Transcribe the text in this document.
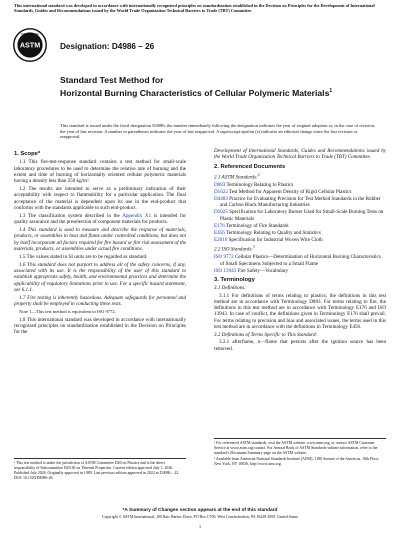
This international standard was developed in accordance with internationally recognized principles on standardization established in the Decision on Principles for the Development of International Standards, Guides and Recommendations issued by the World Trade Organization Technical Barriers to Trade (TBT) Committee.
ASTM
INTERNATIONAL
Designation: D4986 – 26
Standard Test Method for
Horizontal Burning Characteristics of Cellular Polymeric Materials$^1$
This standard is issued under the fixed designation D4986; the number immediately following the designation indicates the year of original adoption or, in the case of revision, the year of last revision. A number in parentheses indicates the year of last reapproval. A superscript epsilon (ε) indicates an editorial change since the last revision or reapproval.
1. Scope*

1.1 This fire-test-response standard contains a test method for small-scale laboratory procedures to be used to determine the relative rate of burning and the extent and time of burning of horizontally oriented cellular polymeric materials having a density less than 250 kg/m³.

1.2 The results are intended to serve as a preliminary indication of their acceptability with respect to flammability for a particular application. The final acceptance of the material is dependent upon its use in the end-product that conforms with the standards applicable to such end-product.

1.3 The classification system described in the Appendix X1 is intended for quality assurance and the preselection of component materials for products.

1.4 This standard is used to measure and describe the response of materials, products, or assemblies to heat and flame under controlled conditions, but does not by itself incorporate all factors required for fire hazard or fire risk assessment of the materials, products, or assemblies under actual fire conditions.

1.5 The values stated in SI units are to be regarded as standard.

1.6 This standard does not purport to address all of the safety concerns, if any, associated with its use. It is the responsibility of the user of this standard to establish appropriate safety, health, and environmental practices and determine the applicability of regulatory limitations prior to use. For a specific hazard statement, see 6.1.1.

1.7 Fire testing is inherently hazardous. Adequate safeguards for personnel and property shall be employed in conducting these tests.

Note 1—This test method is equivalent to ISO 9772.

1.8 This international standard was developed in accordance with internationally recognized principles on standardization established in the Decision on Principles for the

Development of International Standards, Guides and Recommendations issued by the World Trade Organization Technical Barriers to Trade (TBT) Committee.

2. Referenced Documents
2.1 ASTM Standards:$^2$
D883 Terminology Relating to Plastics
D1622 Test Method for Apparent Density of Rigid Cellular Plastics
D4483 Practice for Evaluating Precision for Test Method Standards in the Rubber and Carbon Black Manufacturing Industries
D5025 Specification for Laboratory Burner Used for Small-Scale Burning Tests on Plastic Materials
E176 Terminology of Fire Standards
E456 Terminology Relating to Quality and Statistics
E2016 Specification for Industrial Woven Wire Cloth
2.2 ISO Standards:$^3$
ISO 9772 Cellular Plastics—Determination of Horizontal Burning Characteristics of Small Specimens Subjected to a Small Flame
ISO 13943 Fire Safety—Vocabulary
3. Terminology
3.1 Definitions:

3.1.1 For definitions of terms relating to plastics, the definitions in this test method are in accordance with Terminology D883. For terms relating to fire, the definitions in this test method are in accordance with Terminology E176 and ISO 13943. In case of conflict, the definitions given in Terminology E176 shall prevail. For terms relating to precision and bias and associated issues, the terms used in this test method are in accordance with the definitions in Terminology E456.

3.2 Definitions of Terms Specific to This Standard:

3.2.1 afterflame, n—flame that persists after the ignition source has been removed.

¹ This test method is under the jurisdiction of ASTM Committee D20 on Plastics and is the direct responsibility of Subcommittee D20.30 on Thermal Properties. Current edition approved July 1, 2026. Published July 2026. Originally approved in 1989. Last previous edition approved in 2022 as D4986 – 22. DOI: 10.1520/D4986-26.

² For referenced ASTM standards, visit the ASTM website, www.astm.org, or contact ASTM Customer Service at www.astm.org/contact. For Annual Book of ASTM Standards volume information, refer to the standard's Document Summary page on the ASTM website.

³ Available from American National Standards Institute (ANSI), 1180 Avenue of the Americas, 10th Floor, New York, NY 10036, http://www.ansi.org.

*A Summary of Changes section appears at the end of this standard
Copyright © ASTM International, 100 Barr Harbor Drive, PO Box C700, West Conshohocken, PA 19428-2959. United States
1
